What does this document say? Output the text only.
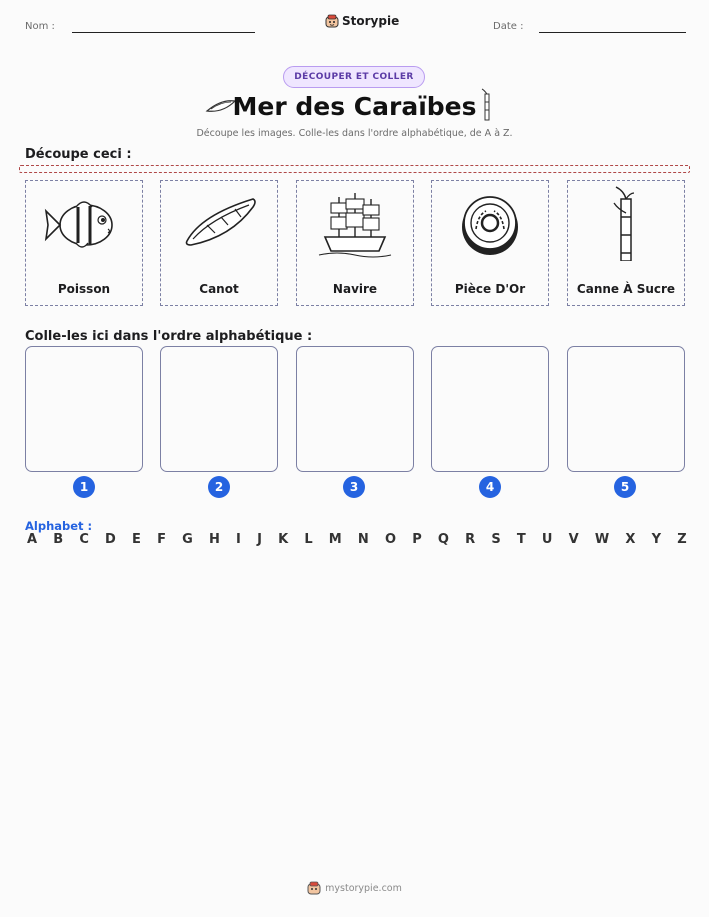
Nom :	Storypie	Date :
DÉCOUPER ET COLLER
Mer des Caraïbes
Découpe les images. Colle-les dans l'ordre alphabétique, de A à Z.
Découpe ceci :
Poisson	Canot	Navire	Pièce D'Or	Canne À Sucre
Colle-les ici dans l'ordre alphabétique :
1	2	3	4	5
Alphabet :
A B C D E F G H I J K L M N O P Q R S T U V W X Y Z
mystorypie.com
